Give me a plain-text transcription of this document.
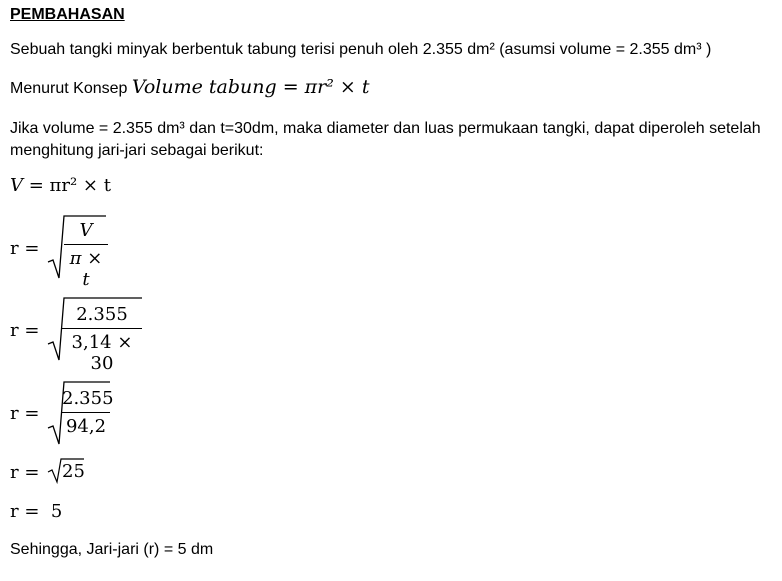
PEMBAHASAN
Sebuah tangki minyak berbentuk tabung terisi penuh oleh 2.355 dm² (asumsi volume = 2.355 dm³ )
Menurut Konsep Volume tabung = πr² × t
Jika volume = 2.355 dm³ dan t=30dm, maka diameter dan luas permukaan tangki, dapat diperoleh setelah menghitung jari-jari sebagai berikut:
V = πr² × t
r =
V
π × t
r =
2.355
3,14 × 30
r =
2.355
94,2
r = 25
r = 5
Sehingga, Jari-jari (r) = 5 dm
